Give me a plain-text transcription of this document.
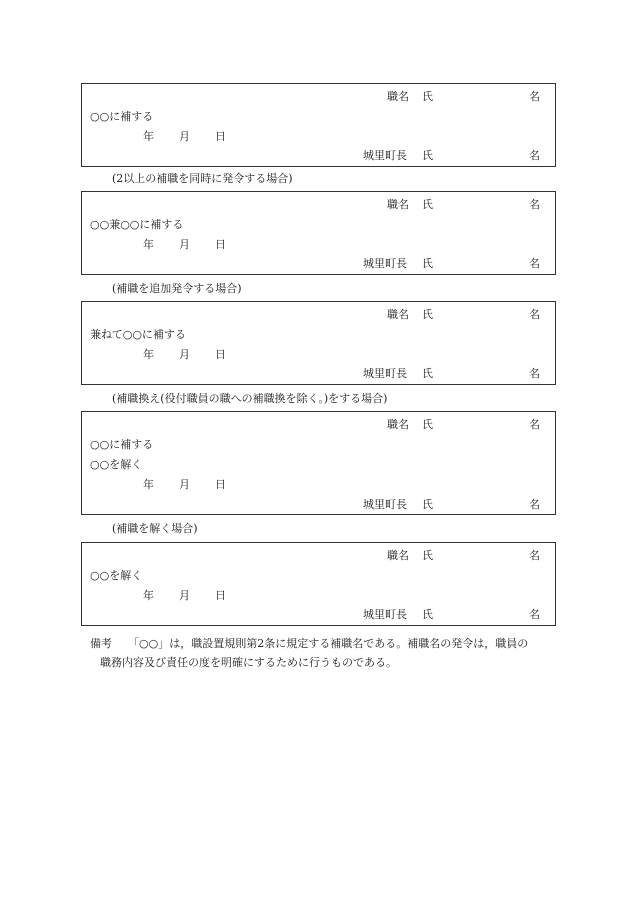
職名 氏	名
○○に補する
年 月 日
城里町長 氏	名
(2以上の補職を同時に発令する場合)
職名 氏	名
○○兼○○に補する
年 月 日
城里町長 氏	名
(補職を追加発令する場合)
職名 氏	名
兼ねて○○に補する
年 月 日
城里町長 氏	名
(補職換え(役付職員の職への補職換を除く。)をする場合)
職名 氏	名
○○に補する
○○を解く
年 月 日
城里町長 氏	名
(補職を解く場合)
職名 氏	名
○○を解く
年 月 日
城里町長 氏	名
備考 「○○」は，職設置規則第2条に規定する補職名である。補職名の発令は，職員の
職務内容及び責任の度を明確にするために行うものである。
